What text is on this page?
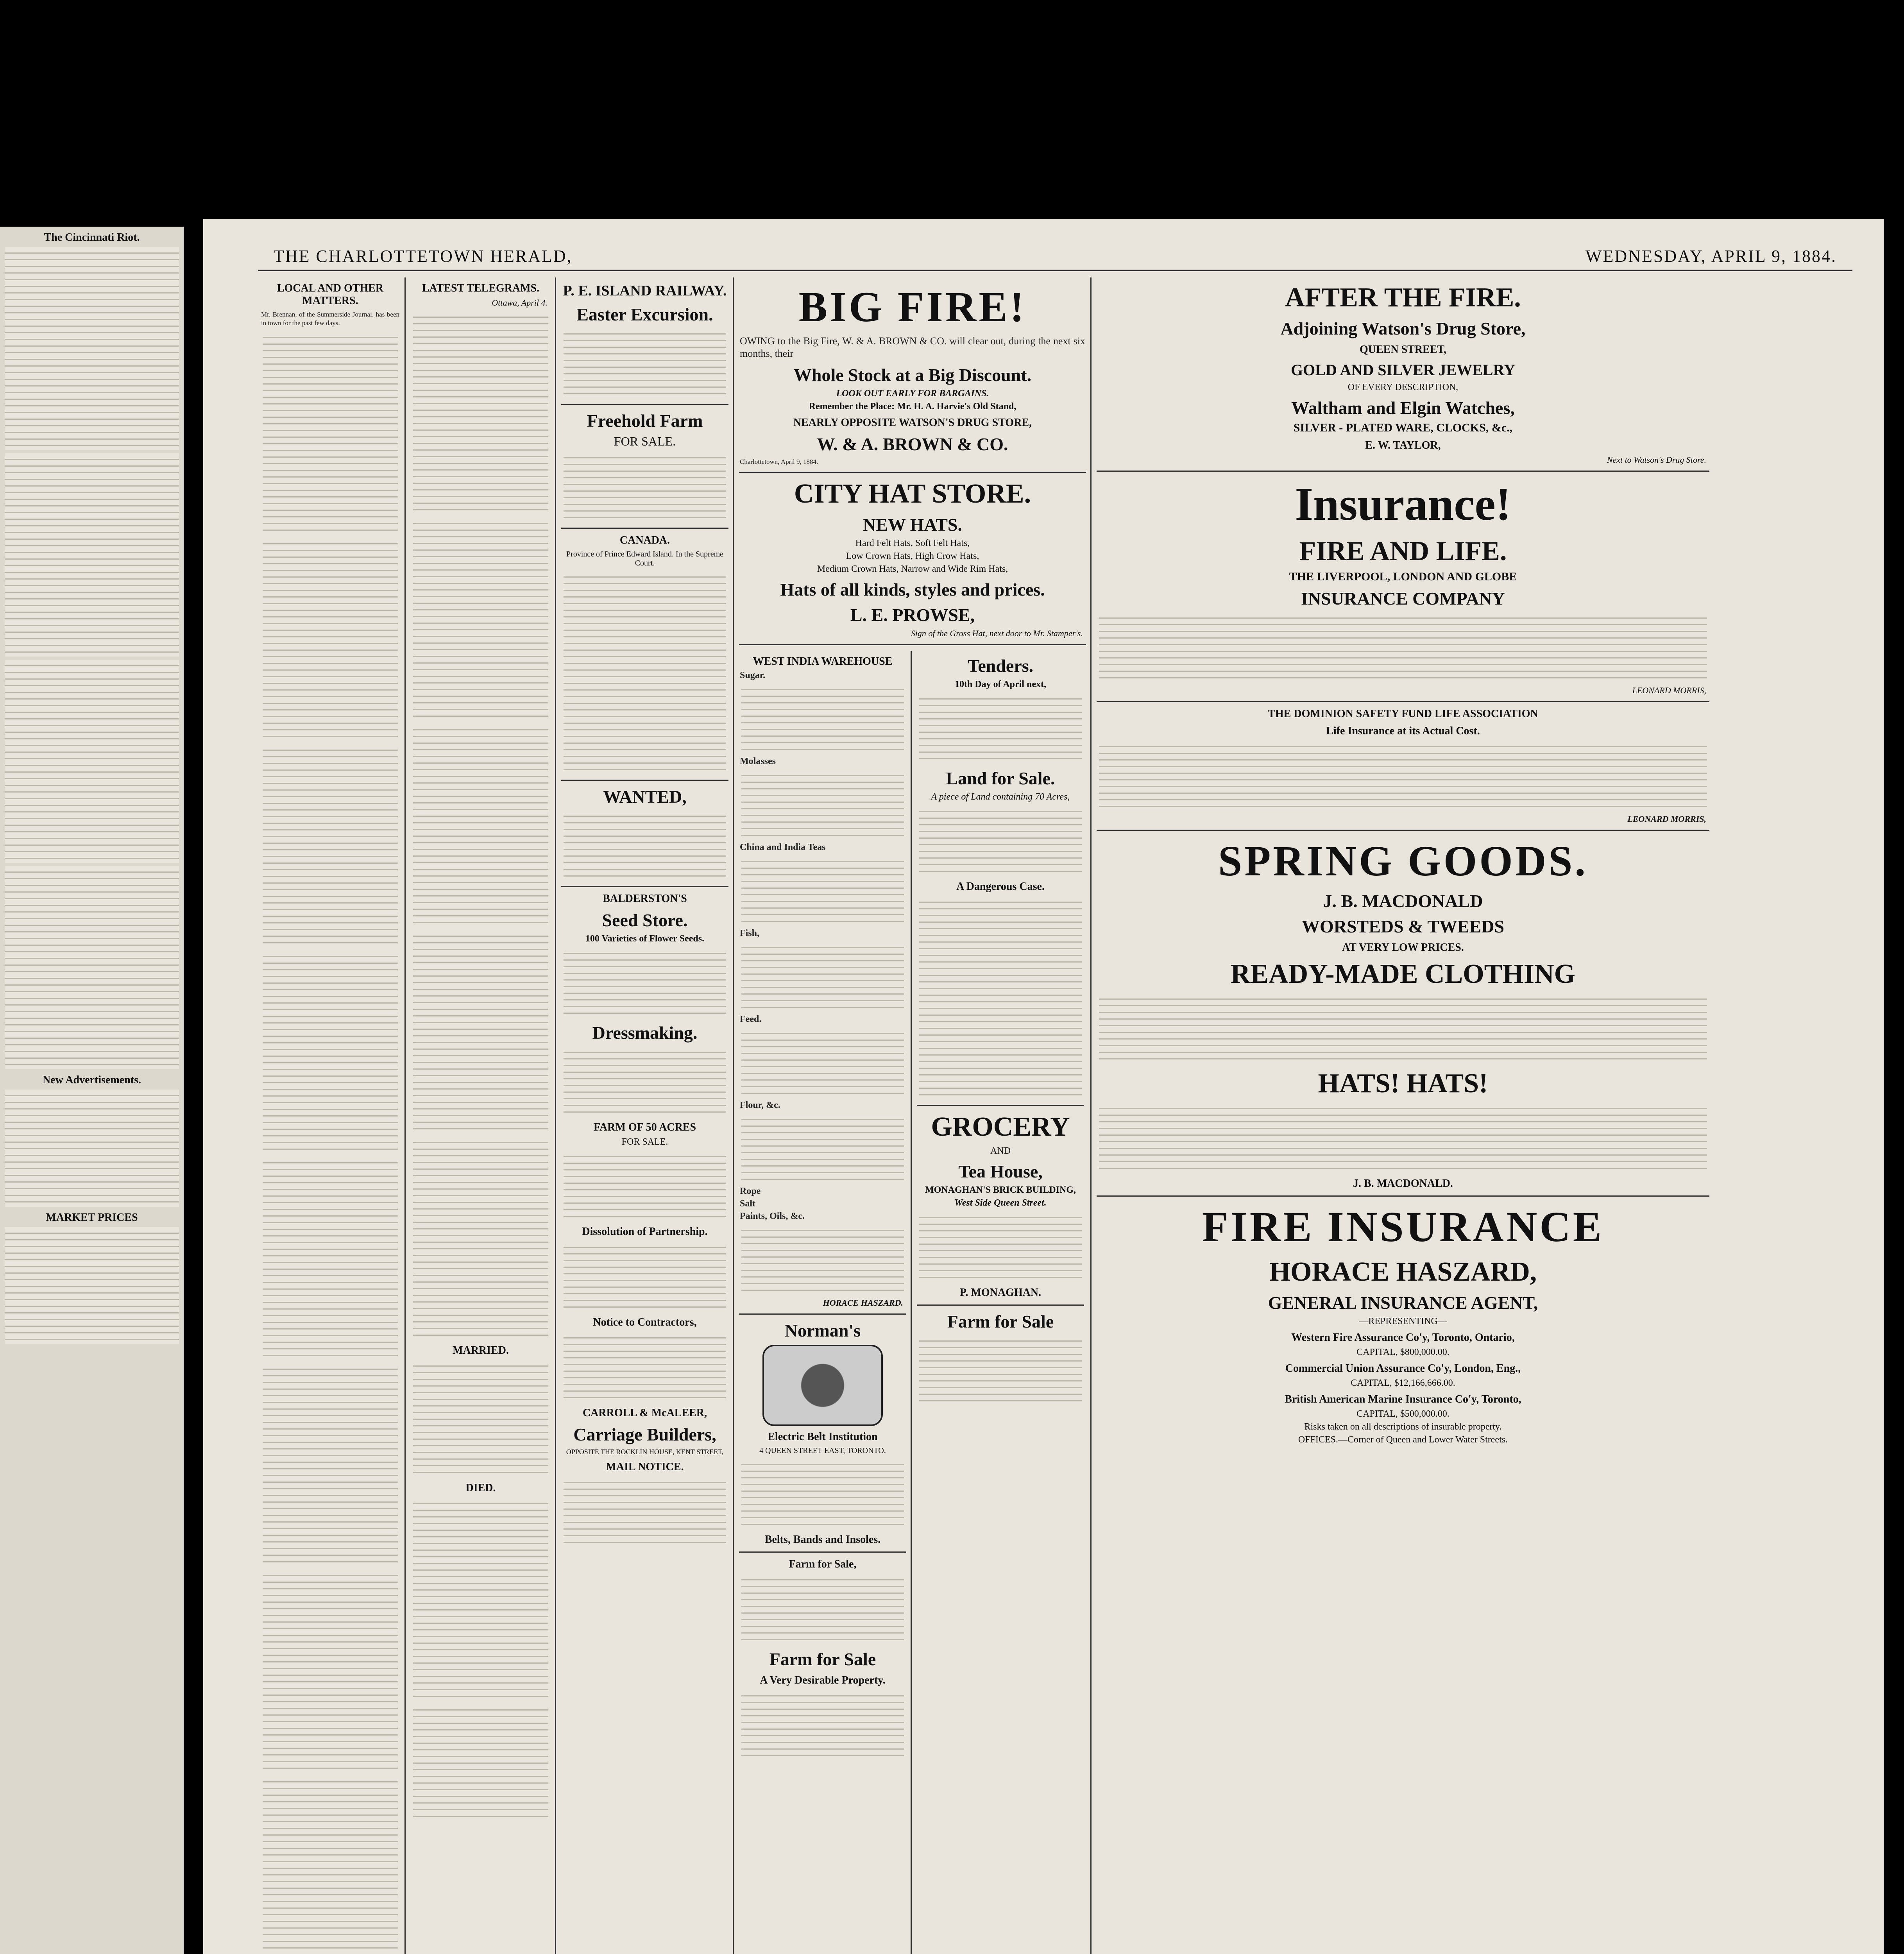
The Cincinnati Riot.
New Advertisements.
MARKET PRICES
THE CHARLOTTETOWN HERALD,	WEDNESDAY, APRIL 9, 1884.
LOCAL AND OTHER MATTERS.
Mr. Brennan, of the Summerside Journal, has been in town for the past few days.
LATEST TELEGRAMS.
Ottawa, April 4.
MARRIED.
DIED.
P. E. ISLAND RAILWAY.
Easter Excursion.
Freehold Farm
FOR SALE.
CANADA.
Province of Prince Edward Island. In the Supreme Court.
WANTED,
BALDERSTON'S
Seed Store.
100 Varieties of Flower Seeds.
Dressmaking.
FARM OF 50 ACRES
FOR SALE.
Dissolution of Partnership.
Notice to Contractors,
CARROLL & McALEER,
Carriage Builders,
OPPOSITE THE ROCKLIN HOUSE, KENT STREET,
MAIL NOTICE.
BIG FIRE!
OWING to the Big Fire, W. & A. BROWN & CO. will clear out, during the next six months, their
Whole Stock at a Big Discount.
LOOK OUT EARLY FOR BARGAINS.
Remember the Place: Mr. H. A. Harvie's Old Stand,
NEARLY OPPOSITE WATSON'S DRUG STORE,
W. & A. BROWN & CO.
Charlottetown, April 9, 1884.
CITY HAT STORE.
NEW HATS.
Hard Felt Hats, Soft Felt Hats,
Low Crown Hats, High Crow Hats,
Medium Crown Hats, Narrow and Wide Rim Hats,
Hats of all kinds, styles and prices.
L. E. PROWSE,
Sign of the Gross Hat, next door to Mr. Stamper's.
WEST INDIA WAREHOUSE
Sugar.
Molasses
China and India Teas
Fish,
Feed.
Flour, &c.
Rope
Salt
Paints, Oils, &c.
HORACE HASZARD.
Norman's
Electric Belt Institution
4 QUEEN STREET EAST, TORONTO.
Belts, Bands and Insoles.
Farm for Sale,
Farm for Sale
A Very Desirable Property.
Tenders.
10th Day of April next,
Land for Sale.
A piece of Land containing 70 Acres,
A Dangerous Case.
GROCERY
AND
Tea House,
MONAGHAN'S BRICK BUILDING,
West Side Queen Street.
P. MONAGHAN.
Farm for Sale
AFTER THE FIRE.
Adjoining Watson's Drug Store,
QUEEN STREET,
GOLD AND SILVER JEWELRY
OF EVERY DESCRIPTION,
Waltham and Elgin Watches,
SILVER - PLATED WARE, CLOCKS, &c.,
E. W. TAYLOR,
Next to Watson's Drug Store.
Insurance!
FIRE AND LIFE.
THE LIVERPOOL, LONDON AND GLOBE
INSURANCE COMPANY
LEONARD MORRIS,
THE DOMINION SAFETY FUND LIFE ASSOCIATION
Life Insurance at its Actual Cost.
LEONARD MORRIS,
SPRING GOODS.
J. B. MACDONALD
WORSTEDS & TWEEDS
AT VERY LOW PRICES.
READY-MADE CLOTHING
HATS! HATS!
J. B. MACDONALD.
FIRE INSURANCE
HORACE HASZARD,
GENERAL INSURANCE AGENT,
—REPRESENTING—
Western Fire Assurance Co'y, Toronto, Ontario,
CAPITAL, $800,000.00.
Commercial Union Assurance Co'y, London, Eng.,
CAPITAL, $12,166,666.00.
British American Marine Insurance Co'y, Toronto,
CAPITAL, $500,000.00.
Risks taken on all descriptions of insurable property.
OFFICES.—Corner of Queen and Lower Water Streets.
